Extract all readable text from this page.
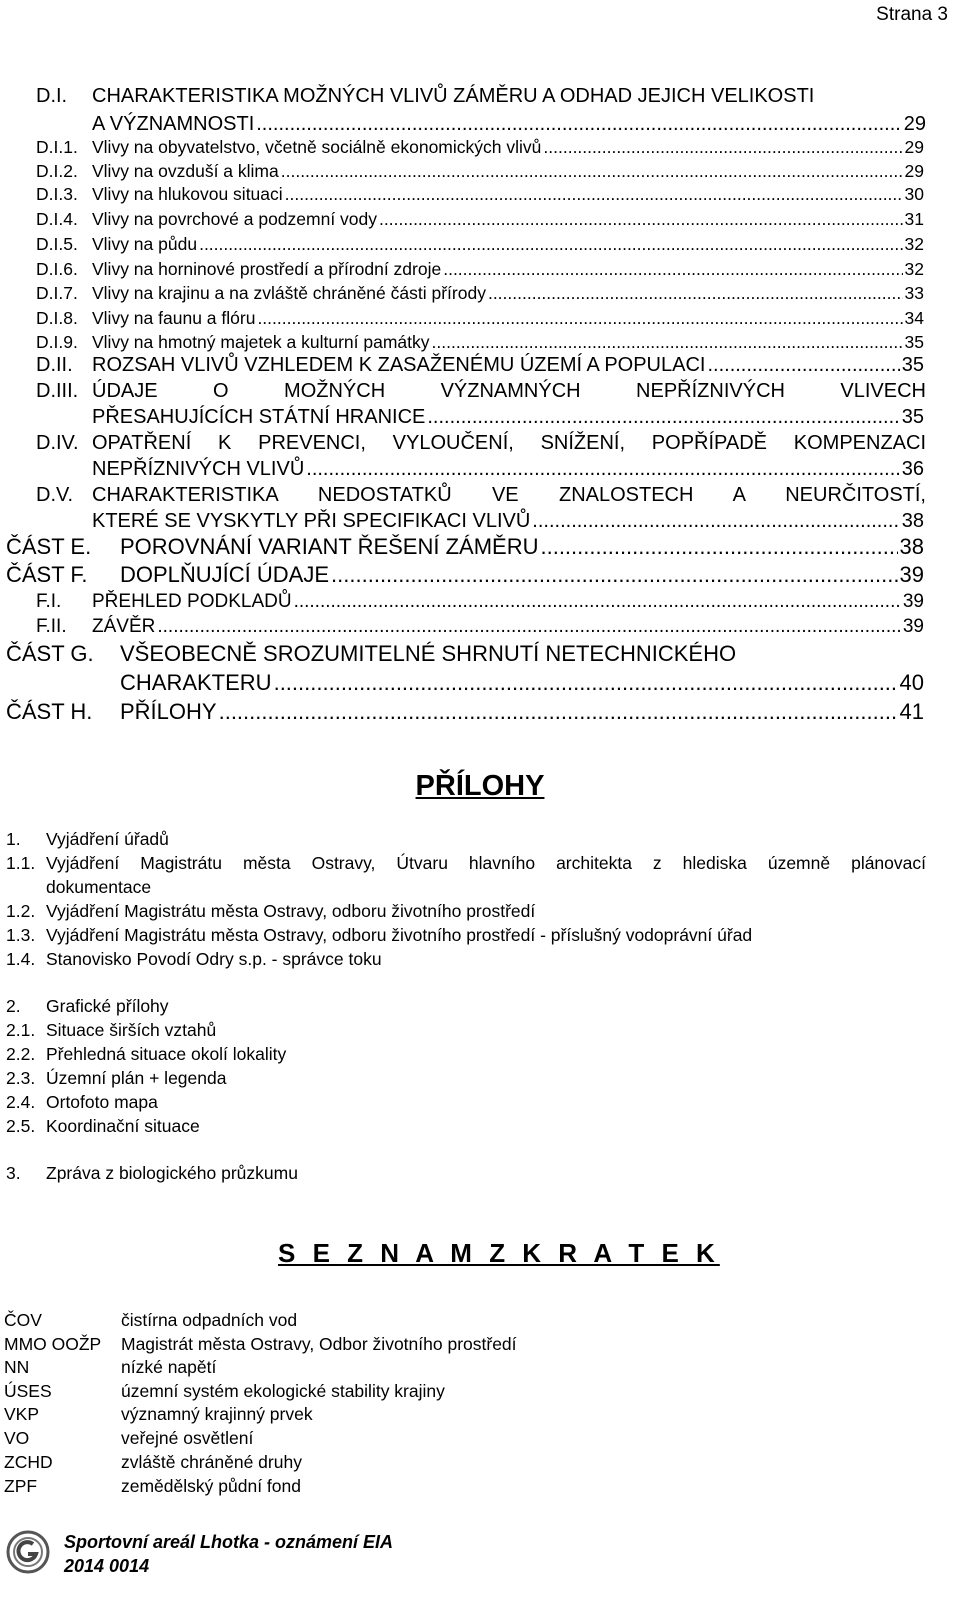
Strana 3
D.I. CHARAKTERISTIKA MOŽNÝCH VLIVŮ ZÁMĚRU A ODHAD JEJICH VELIKOSTI
A VÝZNAMNOSTI .....	29
D.I.1. Vlivy na obyvatelstvo, včetně sociálně ekonomických vlivů .....	29
D.I.2. Vlivy na ovzduší a klima .....	29
D.I.3. Vlivy na hlukovou situaci .....	30
D.I.4. Vlivy na povrchové a podzemní vody .....	31
D.I.5. Vlivy na půdu .....	32
D.I.6. Vlivy na horninové prostředí a přírodní zdroje .....	32
D.I.7. Vlivy na krajinu a na zvláště chráněné části přírody .....	33
D.I.8. Vlivy na faunu a flóru .....	34
D.I.9. Vlivy na hmotný majetek a kulturní památky .....	35
D.II. ROZSAH VLIVŮ VZHLEDEM K ZASAŽENÉMU ÚZEMÍ A POPULACI .....	35
D.III. ÚDAJE O MOŽNÝCH VÝZNAMNÝCH NEPŘÍZNIVÝCH VLIVECH
PŘESAHUJÍCÍCH STÁTNÍ HRANICE .....	35
D.IV. OPATŘENÍ K PREVENCI, VYLOUČENÍ, SNÍŽENÍ, POPŘÍPADĚ KOMPENZACI
NEPŘÍZNIVÝCH VLIVŮ .....	36
D.V. CHARAKTERISTIKA NEDOSTATKŮ VE ZNALOSTECH A NEURČITOSTÍ,
KTERÉ SE VYSKYTLY PŘI SPECIFIKACI VLIVŮ .....	38
ČÁST E.	POROVNÁNÍ VARIANT ŘEŠENÍ ZÁMĚRU .....	38
ČÁST F.	DOPLŇUJÍCÍ ÚDAJE .....	39
F.I.	PŘEHLED PODKLADŮ .....	39
F.II.	ZÁVĚR .....	39
ČÁST G.	VŠEOBECNĚ SROZUMITELNÉ SHRNUTÍ NETECHNICKÉHO
CHARAKTERU .....	40
ČÁST H.	PŘÍLOHY .....	41
PŘÍLOHY
1. Vyjádření úřadů
1.1. Vyjádření Magistrátu města Ostravy, Útvaru hlavního architekta z hlediska územně plánovací
dokumentace
1.2. Vyjádření Magistrátu města Ostravy, odboru životního prostředí
1.3. Vyjádření Magistrátu města Ostravy, odboru životního prostředí - příslušný vodoprávní úřad
1.4. Stanovisko Povodí Odry s.p. - správce toku
2. Grafické přílohy
2.1. Situace širších vztahů
2.2. Přehledná situace okolí lokality
2.3. Územní plán + legenda
2.4. Ortofoto mapa
2.5. Koordinační situace
3. Zpráva z biologického průzkumu
S E Z N A M Z K R A T E K
ČOV	čistírna odpadních vod
MMO OOŽP Magistrát města Ostravy, Odbor životního prostředí
NN	nízké napětí
ÚSES	územní systém ekologické stability krajiny
VKP	významný krajinný prvek
VO	veřejné osvětlení
ZCHD	zvláště chráněné druhy
ZPF	zemědělský půdní fond
Sportovní areál Lhotka - oznámení EIA
2014 0014
